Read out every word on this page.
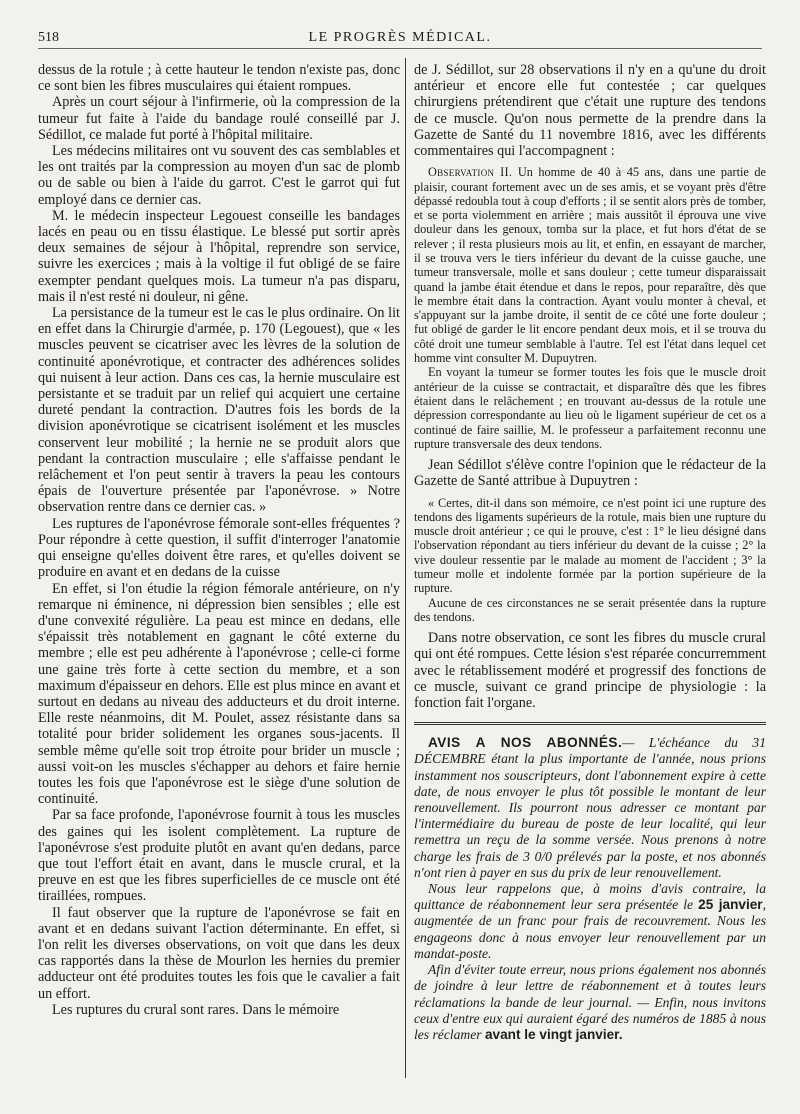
518	LE PROGRÈS MÉDICAL.

dessus de la rotule ; à cette hauteur le tendon n'existe pas, donc ce sont bien les fibres musculaires qui étaient rompues.

Après un court séjour à l'infirmerie, où la compression de la tumeur fut faite à l'aide du bandage roulé conseillé par J. Sédillot, ce malade fut porté à l'hôpital militaire.

Les médecins militaires ont vu souvent des cas semblables et les ont traités par la compression au moyen d'un sac de plomb ou de sable ou bien à l'aide du garrot. C'est le garrot qui fut employé dans ce dernier cas.

M. le médecin inspecteur Legouest conseille les bandages lacés en peau ou en tissu élastique. Le blessé put sortir après deux semaines de séjour à l'hôpital, reprendre son service, suivre les exercices ; mais à la voltige il fut obligé de se faire exempter pendant quelques mois. La tumeur n'a pas disparu, mais il n'est resté ni douleur, ni gêne.

La persistance de la tumeur est le cas le plus ordinaire. On lit en effet dans la Chirurgie d'armée, p. 170 (Legouest), que « les muscles peuvent se cicatriser avec les lèvres de la solution de continuité aponévrotique, et contracter des adhérences solides qui nuisent à leur action. Dans ces cas, la hernie musculaire est persistante et se traduit par un relief qui acquiert une certaine dureté pendant la contraction. D'autres fois les bords de la division aponévrotique se cicatrisent isolément et les muscles conservent leur mobilité ; la hernie ne se produit alors que pendant la contraction musculaire ; elle s'affaisse pendant le relâchement et l'on peut sentir à travers la peau les contours épais de l'ouverture présentée par l'aponévrose. » Notre observation rentre dans ce dernier cas. »

Les ruptures de l'aponévrose fémorale sont-elles fréquentes ? Pour répondre à cette question, il suffit d'interroger l'anatomie qui enseigne qu'elles doivent être rares, et qu'elles doivent se produire en avant et en dedans de la cuisse

En effet, si l'on étudie la région fémorale antérieure, on n'y remarque ni éminence, ni dépression bien sensibles ; elle est d'une convexité régulière. La peau est mince en dedans, elle s'épaissit très notablement en gagnant le côté externe du membre ; elle est peu adhérente à l'aponévrose ; celle-ci forme une gaine très forte à cette section du membre, et a son maximum d'épaisseur en dehors. Elle est plus mince en avant et surtout en dedans au niveau des adducteurs et du droit interne. Elle reste néanmoins, dit M. Poulet, assez résistante dans sa totalité pour brider solidement les organes sous-jacents. Il semble même qu'elle soit trop étroite pour brider un muscle ; aussi voit-on les muscles s'échapper au dehors et faire hernie toutes les fois que l'aponévrose est le siège d'une solution de continuité.

Par sa face profonde, l'aponévrose fournit à tous les muscles des gaines qui les isolent complètement. La rupture de l'aponévrose s'est produite plutôt en avant qu'en dedans, parce que tout l'effort était en avant, dans le muscle crural, et la preuve en est que les fibres superficielles de ce muscle ont été tiraillées, rompues.

Il faut observer que la rupture de l'aponévrose se fait en avant et en dedans suivant l'action déterminante. En effet, si l'on relit les diverses observations, on voit que dans les deux cas rapportés dans la thèse de Mourlon les hernies du premier adducteur ont été produites toutes les fois que le cavalier a fait un effort.

Les ruptures du crural sont rares. Dans le mémoire

de J. Sédillot, sur 28 observations il n'y en a qu'une du droit antérieur et encore elle fut contestée ; car quelques chirurgiens prétendirent que c'était une rupture des tendons de ce muscle. Qu'on nous permette de la prendre dans la Gazette de Santé du 11 novembre 1816, avec les différents commentaires qui l'accompagnent :

Observation II. Un homme de 40 à 45 ans, dans une partie de plaisir, courant fortement avec un de ses amis, et se voyant près d'être dépassé redoubla tout à coup d'efforts ; il se sentit alors près de tomber, et se porta violemment en arrière ; mais aussitôt il éprouva une vive douleur dans les genoux, tomba sur la place, et fut hors d'état de se relever ; il resta plusieurs mois au lit, et enfin, en essayant de marcher, il se trouva vers le tiers inférieur du devant de la cuisse gauche, une tumeur transversale, molle et sans douleur ; cette tumeur disparaissait quand la jambe était étendue et dans le repos, pour reparaître, dès que le membre était dans la contraction. Ayant voulu monter à cheval, et s'appuyant sur la jambe droite, il sentit de ce côté une forte douleur ; fut obligé de garder le lit encore pendant deux mois, et il se trouva du côté droit une tumeur semblable à l'autre. Tel est l'état dans lequel cet homme vint consulter M. Dupuytren.

En voyant la tumeur se former toutes les fois que le muscle droit antérieur de la cuisse se contractait, et disparaître dès que les fibres étaient dans le relâchement ; en trouvant au-dessus de la rotule une dépression correspondante au lieu où le ligament supérieur de cet os a continué de faire saillie, M. le professeur a parfaitement reconnu une rupture transversale des deux tendons.

Jean Sédillot s'élève contre l'opinion que le rédacteur de la Gazette de Santé attribue à Dupuytren :

« Certes, dit-il dans son mémoire, ce n'est point ici une rupture des tendons des ligaments supérieurs de la rotule, mais bien une rupture du muscle droit antérieur ; ce qui le prouve, c'est : 1° le lieu désigné dans l'observation répondant au tiers inférieur du devant de la cuisse ; 2° la vive douleur ressentie par le malade au moment de l'accident ; 3° la tumeur molle et indolente formée par la portion supérieure de la rupture.

Aucune de ces circonstances ne se serait présentée dans la rupture des tendons.

Dans notre observation, ce sont les fibres du muscle crural qui ont été rompues. Cette lésion s'est réparée concurremment avec le rétablissement modéré et progressif des fonctions de ce muscle, suivant ce grand principe de physiologie : la fonction fait l'organe.

AVIS A NOS ABONNÉS.— L'échéance du 31 DÉCEMBRE étant la plus importante de l'année, nous prions instamment nos souscripteurs, dont l'abonnement expire à cette date, de nous envoyer le plus tôt possible le montant de leur renouvellement. Ils pourront nous adresser ce montant par l'intermédiaire du bureau de poste de leur localité, qui leur remettra un reçu de la somme versée. Nous prenons à notre charge les frais de 3 0/0 prélevés par la poste, et nos abonnés n'ont rien à payer en sus du prix de leur renouvellement.

Nous leur rappelons que, à moins d'avis contraire, la quittance de réabonnement leur sera présentée le 25 janvier, augmentée de un franc pour frais de recouvrement. Nous les engageons donc à nous envoyer leur renouvellement par un mandat-poste.

Afin d'éviter toute erreur, nous prions également nos abonnés de joindre à leur lettre de réabonnement et à toutes leurs réclamations la bande de leur journal. — Enfin, nous invitons ceux d'entre eux qui auraient égaré des numéros de 1885 à nous les réclamer avant le vingt janvier.
